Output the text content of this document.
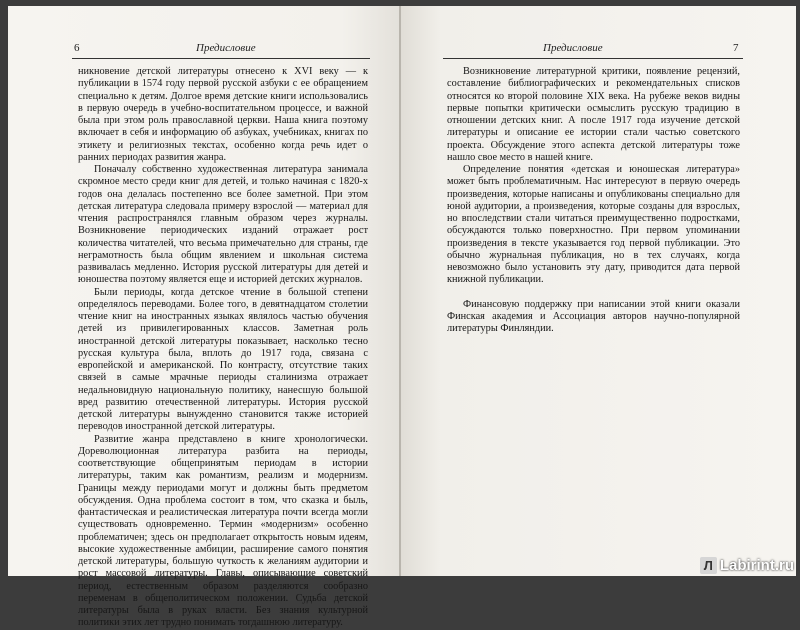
6	Предисловие

никновение детской литературы отнесено к XVI веку — к публикации в 1574 году первой русской азбуки с ее обращением специально к детям. Долгое время детские книги использовались в первую очередь в учебно-воспитательном процессе, и важной была при этом роль православной церкви. Наша книга поэтому включает в себя и информацию об азбуках, учебниках, книгах по этикету и религиозных текстах, особенно когда речь идет о ранних периодах развития жанра.

Поначалу собственно художественная литература занимала скромное место среди книг для детей, и только начиная с 1820-х годов она делалась постепенно все более заметной. При этом детская литература следовала примеру взрослой — материал для чтения распространялся главным образом через журналы. Возникновение периодических изданий отражает рост количества читателей, что весьма примечательно для страны, где неграмотность была общим явлением и школьная система развивалась медленно. История русской литературы для детей и юношества поэтому является еще и историей детских журналов.

Были периоды, когда детское чтение в большой степени определялось переводами. Более того, в девятнадцатом столетии чтение книг на иностранных языках являлось частью обучения детей из привилегированных классов. Заметная роль иностранной детской литературы показывает, насколько тесно русская культура была, вплоть до 1917 года, связана с европейской и американской. По контрасту, отсутствие таких связей в самые мрачные периоды сталинизма отражает недальновидную национальную политику, нанесшую большой вред развитию отечественной литературы. История русской детской литературы вынужденно становится также историей переводов иностранной детской литературы.

Развитие жанра представлено в книге хронологически. Дореволюционная литература разбита на периоды, соответствующие общепринятым периодам в истории литературы, таким как романтизм, реализм и модернизм. Границы между периодами могут и должны быть предметом обсуждения. Одна проблема состоит в том, что сказка и быль, фантастическая и реалистическая литература почти всегда могли существовать одновременно. Термин «модернизм» особенно проблематичен; здесь он предполагает открытость новым идеям, высокие художественные амбиции, расширение самого понятия детской литературы, большую чуткость к желаниям аудитории и рост массовой литературы. Главы, описывающие советский период, естественным образом разделяются сообразно переменам в общеполитическом положении. Судьба детской литературы была в руках власти. Без знания культурной политики этих лет трудно понимать тогдашнюю литературу.

Предисловие	7

Возникновение литературной критики, появление рецензий, составление библиографических и рекомендательных списков относятся ко второй половине XIX века. На рубеже веков видны первые попытки критически осмыслить русскую традицию в отношении детских книг. А после 1917 года изучение детской литературы и описание ее истории стали частью советского проекта. Обсуждение этого аспекта детской литературы тоже нашло свое место в нашей книге.

Определение понятия «детская и юношеская литература» может быть проблематичным. Нас интересуют в первую очередь произведения, которые написаны и опубликованы специально для юной аудитории, а произведения, которые созданы для взрослых, но впоследствии стали читаться преимущественно подростками, обсуждаются только поверхностно. При первом упоминании произведения в тексте указывается год первой публикации. Это обычно журнальная публикация, но в тех случаях, когда невозможно было установить эту дату, приводится дата первой книжной публикации.

Финансовую поддержку при написании этой книги оказали Финская академия и Ассоциация авторов научно-популярной литературы Финляндии.

Л Labirint.ru
